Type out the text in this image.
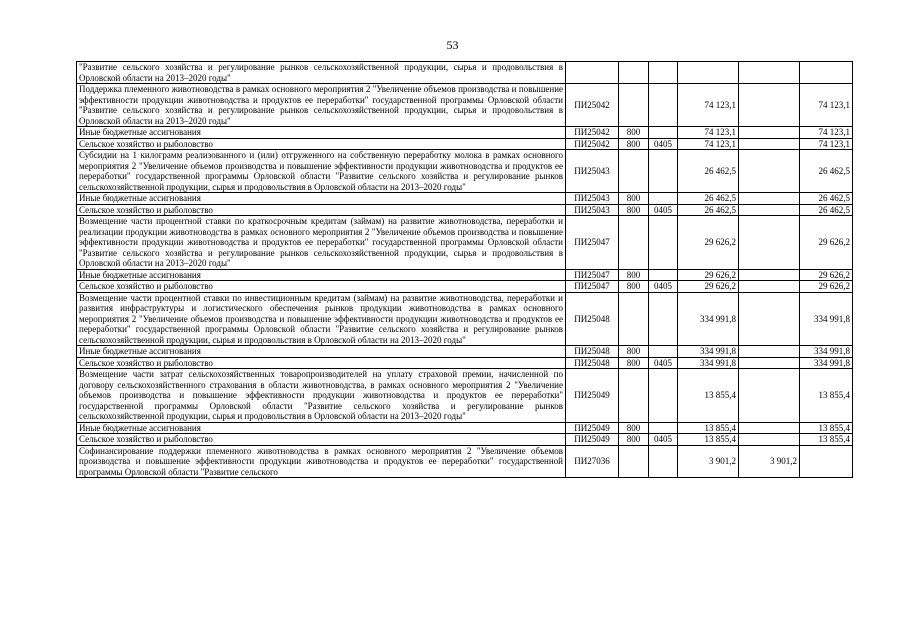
53
"Развитие сельского хозяйства и регулирование рынков сельскохозяйственной продукции, сырья и продовольствия в Орловской области на 2013–2020 годы"						
Поддержка племенного животноводства в рамках основного мероприятия 2 "Увеличение объемов производства и повышение эффективности продукции животноводства и продуктов ее переработки" государственной программы Орловской области "Развитие сельского хозяйства и регулирование рынков сельскохозяйственной продукции, сырья и продовольствия в Орловской области на 2013–2020 годы"	ПИ25042			74 123,1		74 123,1
Иные бюджетные ассигнования	ПИ25042	800		74 123,1		74 123,1
Сельское хозяйство и рыболовство	ПИ25042	800	0405	74 123,1		74 123,1
Субсидии на 1 килограмм реализованного и (или) отгруженного на собственную переработку молока в рамках основного мероприятия 2 "Увеличение объемов производства и повышение эффективности продукции животноводства и продуктов ее переработки" государственной программы Орловской области "Развитие сельского хозяйства и регулирование рынков сельскохозяйственной продукции, сырья и продовольствия в Орловской области на 2013–2020 годы"	ПИ25043			26 462,5		26 462,5
Иные бюджетные ассигнования	ПИ25043	800		26 462,5		26 462,5
Сельское хозяйство и рыболовство	ПИ25043	800	0405	26 462,5		26 462,5
Возмещение части процентной ставки по краткосрочным кредитам (займам) на развитие животноводства, переработки и реализации продукции животноводства в рамках основного мероприятия 2 "Увеличение объемов производства и повышение эффективности продукции животноводства и продуктов ее переработки" государственной программы Орловской области "Развитие сельского хозяйства и регулирование рынков сельскохозяйственной продукции, сырья и продовольствия в Орловской области на 2013–2020 годы"	ПИ25047			29 626,2		29 626,2
Иные бюджетные ассигнования	ПИ25047	800		29 626,2		29 626,2
Сельское хозяйство и рыболовство	ПИ25047	800	0405	29 626,2		29 626,2
Возмещение части процентной ставки по инвестиционным кредитам (займам) на развитие животноводства, переработки и развития инфраструктуры и логистического обеспечения рынков продукции животноводства в рамках основного мероприятия 2 "Увеличение объемов производства и повышение эффективности продукции животноводства и продуктов ее переработки" государственной программы Орловской области "Развитие сельского хозяйства и регулирование рынков сельскохозяйственной продукции, сырья и продовольствия в Орловской области на 2013–2020 годы"	ПИ25048			334 991,8		334 991,8
Иные бюджетные ассигнования	ПИ25048	800		334 991,8		334 991,8
Сельское хозяйство и рыболовство	ПИ25048	800	0405	334 991,8		334 991,8
Возмещение части затрат сельскохозяйственных товаропроизводителей на уплату страховой премии, начисленной по договору сельскохозяйственного страхования в области животноводства, в рамках основного мероприятия 2 "Увеличение объемов производства и повышение эффективности продукции животноводства и продуктов ее переработки" государственной программы Орловской области "Развитие сельского хозяйства и регулирование рынков сельскохозяйственной продукции, сырья и продовольствия в Орловской области на 2013–2020 годы"	ПИ25049			13 855,4		13 855,4
Иные бюджетные ассигнования	ПИ25049	800		13 855,4		13 855,4
Сельское хозяйство и рыболовство	ПИ25049	800	0405	13 855,4		13 855,4
Софинансирование поддержки племенного животноводства в рамках основного мероприятия 2 "Увеличение объемов производства и повышение эффективности продукции животноводства и продуктов ее переработки" государственной программы Орловской области "Развитие сельского	ПИ27036			3 901,2	3 901,2	
